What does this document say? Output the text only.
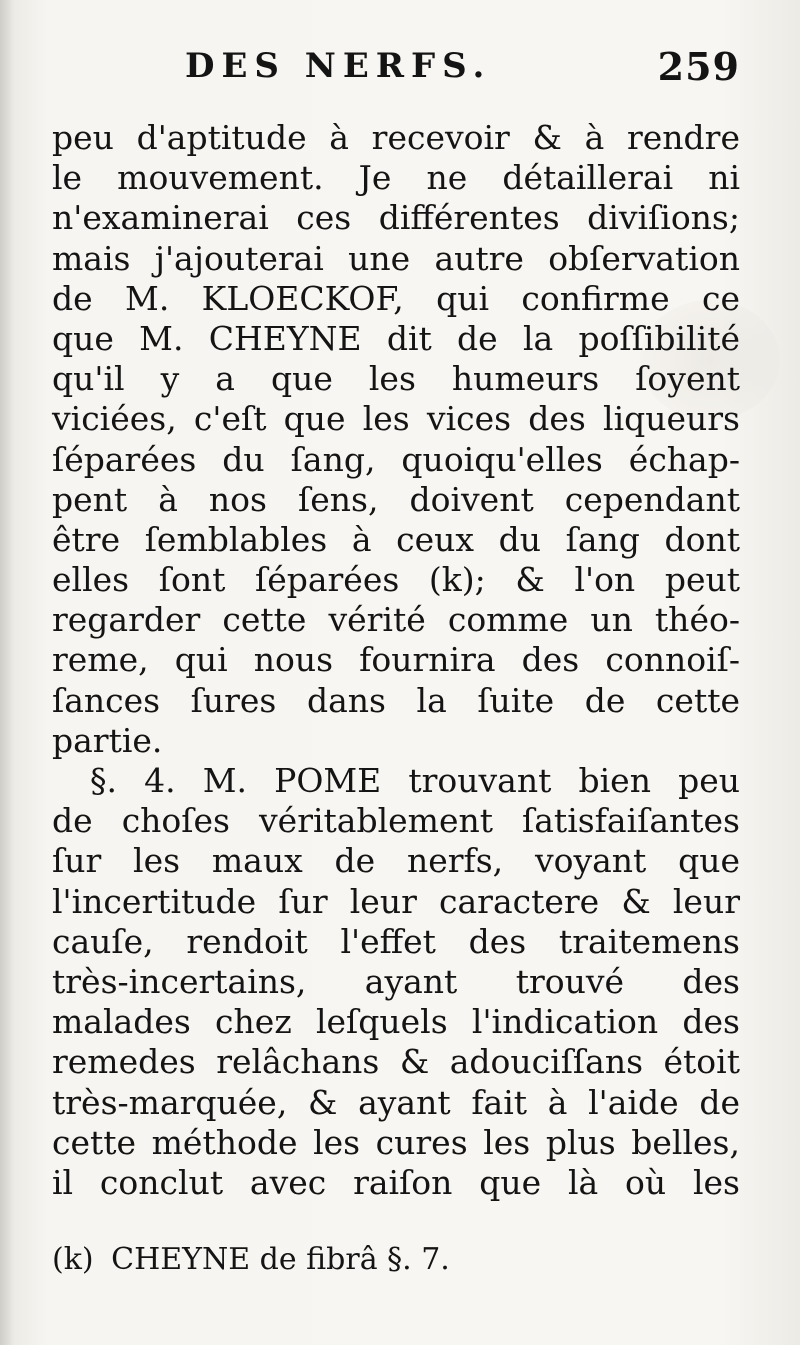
DES NERFS.	259
peu d'aptitude à recevoir & à rendre
le mouvement. Je ne détaillerai ni
n'examinerai ces différentes diviſions;
mais j'ajouterai une autre obſervation
de M. KLOECKOF, qui confirme ce
que M. CHEYNE dit de la poſſibilité
qu'il y a que les humeurs ſoyent
viciées, c'eſt que les vices des liqueurs
ſéparées du ſang, quoiqu'elles échap-
pent à nos ſens, doivent cependant
être ſemblables à ceux du ſang dont
elles ſont ſéparées (k); & l'on peut
regarder cette vérité comme un théo-
reme, qui nous fournira des connoiſ-
ſances ſures dans la ſuite de cette
partie.
§. 4. M. POME trouvant bien peu
de choſes véritablement ſatisfaiſantes
ſur les maux de nerfs, voyant que
l'incertitude ſur leur caractere & leur
cauſe, rendoit l'effet des traitemens
très-incertains, ayant trouvé des
malades chez leſquels l'indication des
remedes relâchans & adouciſſans étoit
très-marquée, & ayant fait à l'aide de
cette méthode les cures les plus belles,
il conclut avec raiſon que là où les
(k) CHEYNE de fibrâ §. 7.
